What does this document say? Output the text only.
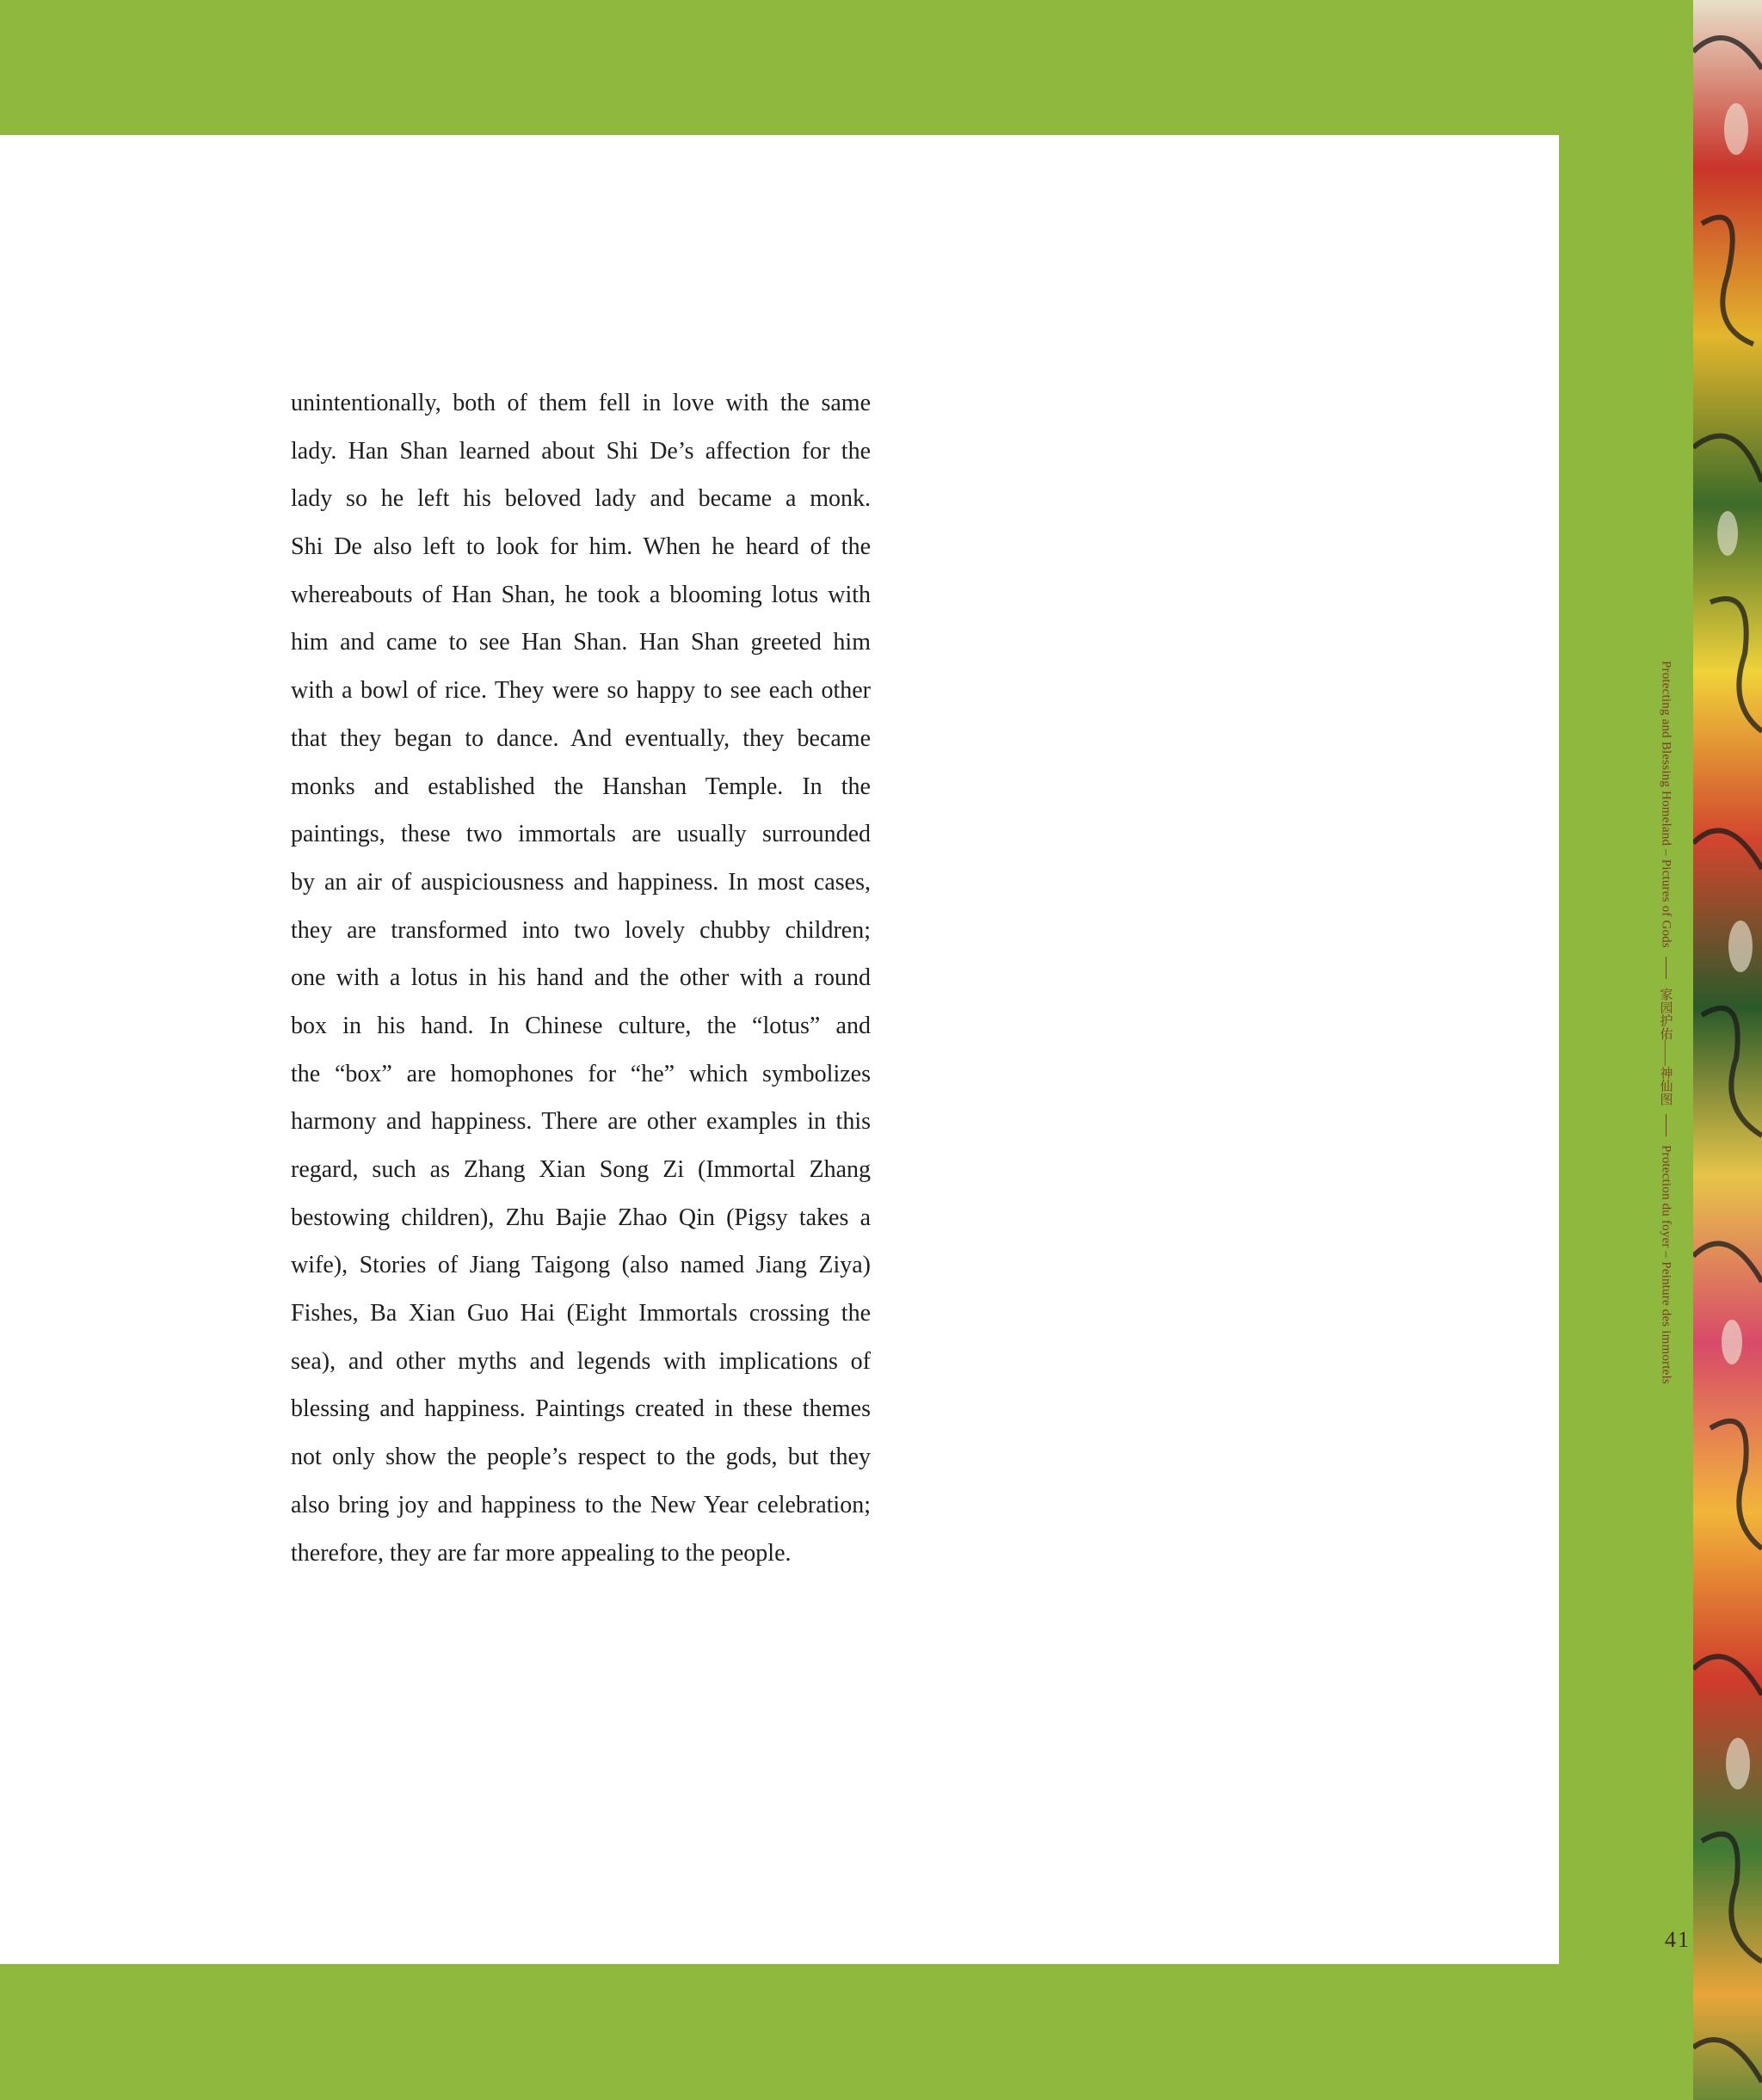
unintentionally, both of them fell in love with the same
lady. Han Shan learned about Shi De’s affection for the
lady so he left his beloved lady and became a monk.
Shi De also left to look for him. When he heard of the
whereabouts of Han Shan, he took a blooming lotus with
him and came to see Han Shan. Han Shan greeted him
with a bowl of rice. They were so happy to see each other
that they began to dance. And eventually, they became
monks and established the Hanshan Temple. In the
paintings, these two immortals are usually surrounded
by an air of auspiciousness and happiness. In most cases,
they are transformed into two lovely chubby children;
one with a lotus in his hand and the other with a round
box in his hand. In Chinese culture, the “lotus” and
the “box” are homophones for “he” which symbolizes
harmony and happiness. There are other examples in this
regard, such as Zhang Xian Song Zi (Immortal Zhang
bestowing children), Zhu Bajie Zhao Qin (Pigsy takes a
wife), Stories of Jiang Taigong (also named Jiang Ziya)
Fishes, Ba Xian Guo Hai (Eight Immortals crossing the
sea), and other myths and legends with implications of
blessing and happiness. Paintings created in these themes
not only show the people’s respect to the gods, but they
also bring joy and happiness to the New Year celebration;
therefore, they are far more appealing to the people.
Protecting and Blessing Homeland – Pictures of Gods
家园护佑——神仙图
Protection du foyer – Peinture des immortels
41
